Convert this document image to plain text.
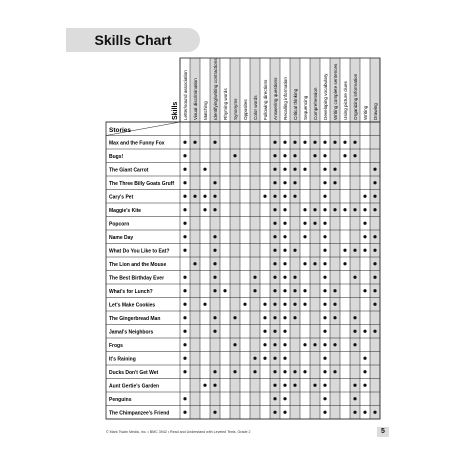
Skills Chart
Skills
Stories
Letter/sound association Visual discrimination Matching Identifying/writing contractions Rhyming words Synonyms Opposites Color words Following directions Answering questions Recalling information Critical thinking Sequencing Comprehension Developing vocabulary Writing complete sentences Using picture clues Organizing information Writing Drawing
Max and the Funny Fox
Bugs!
The Giant Carrot
The Three Billy Goats Gruff
Cary's Pet
Maggie's Kite
Popcorn
Name Day
What Do You Like to Eat?
The Lion and the Mouse
The Best Birthday Ever
What's for Lunch?
Let's Make Cookies
The Gingerbread Man
Jamal's Neighbors
Frogs
It's Raining
Ducks Don't Get Wet
Aunt Gertie's Garden
Penguins
The Chimpanzee's Friend
© Mark Twain Media, Inc. • BMC 3942 • Read and Understand with Leveled Texts, Grade 2	5
